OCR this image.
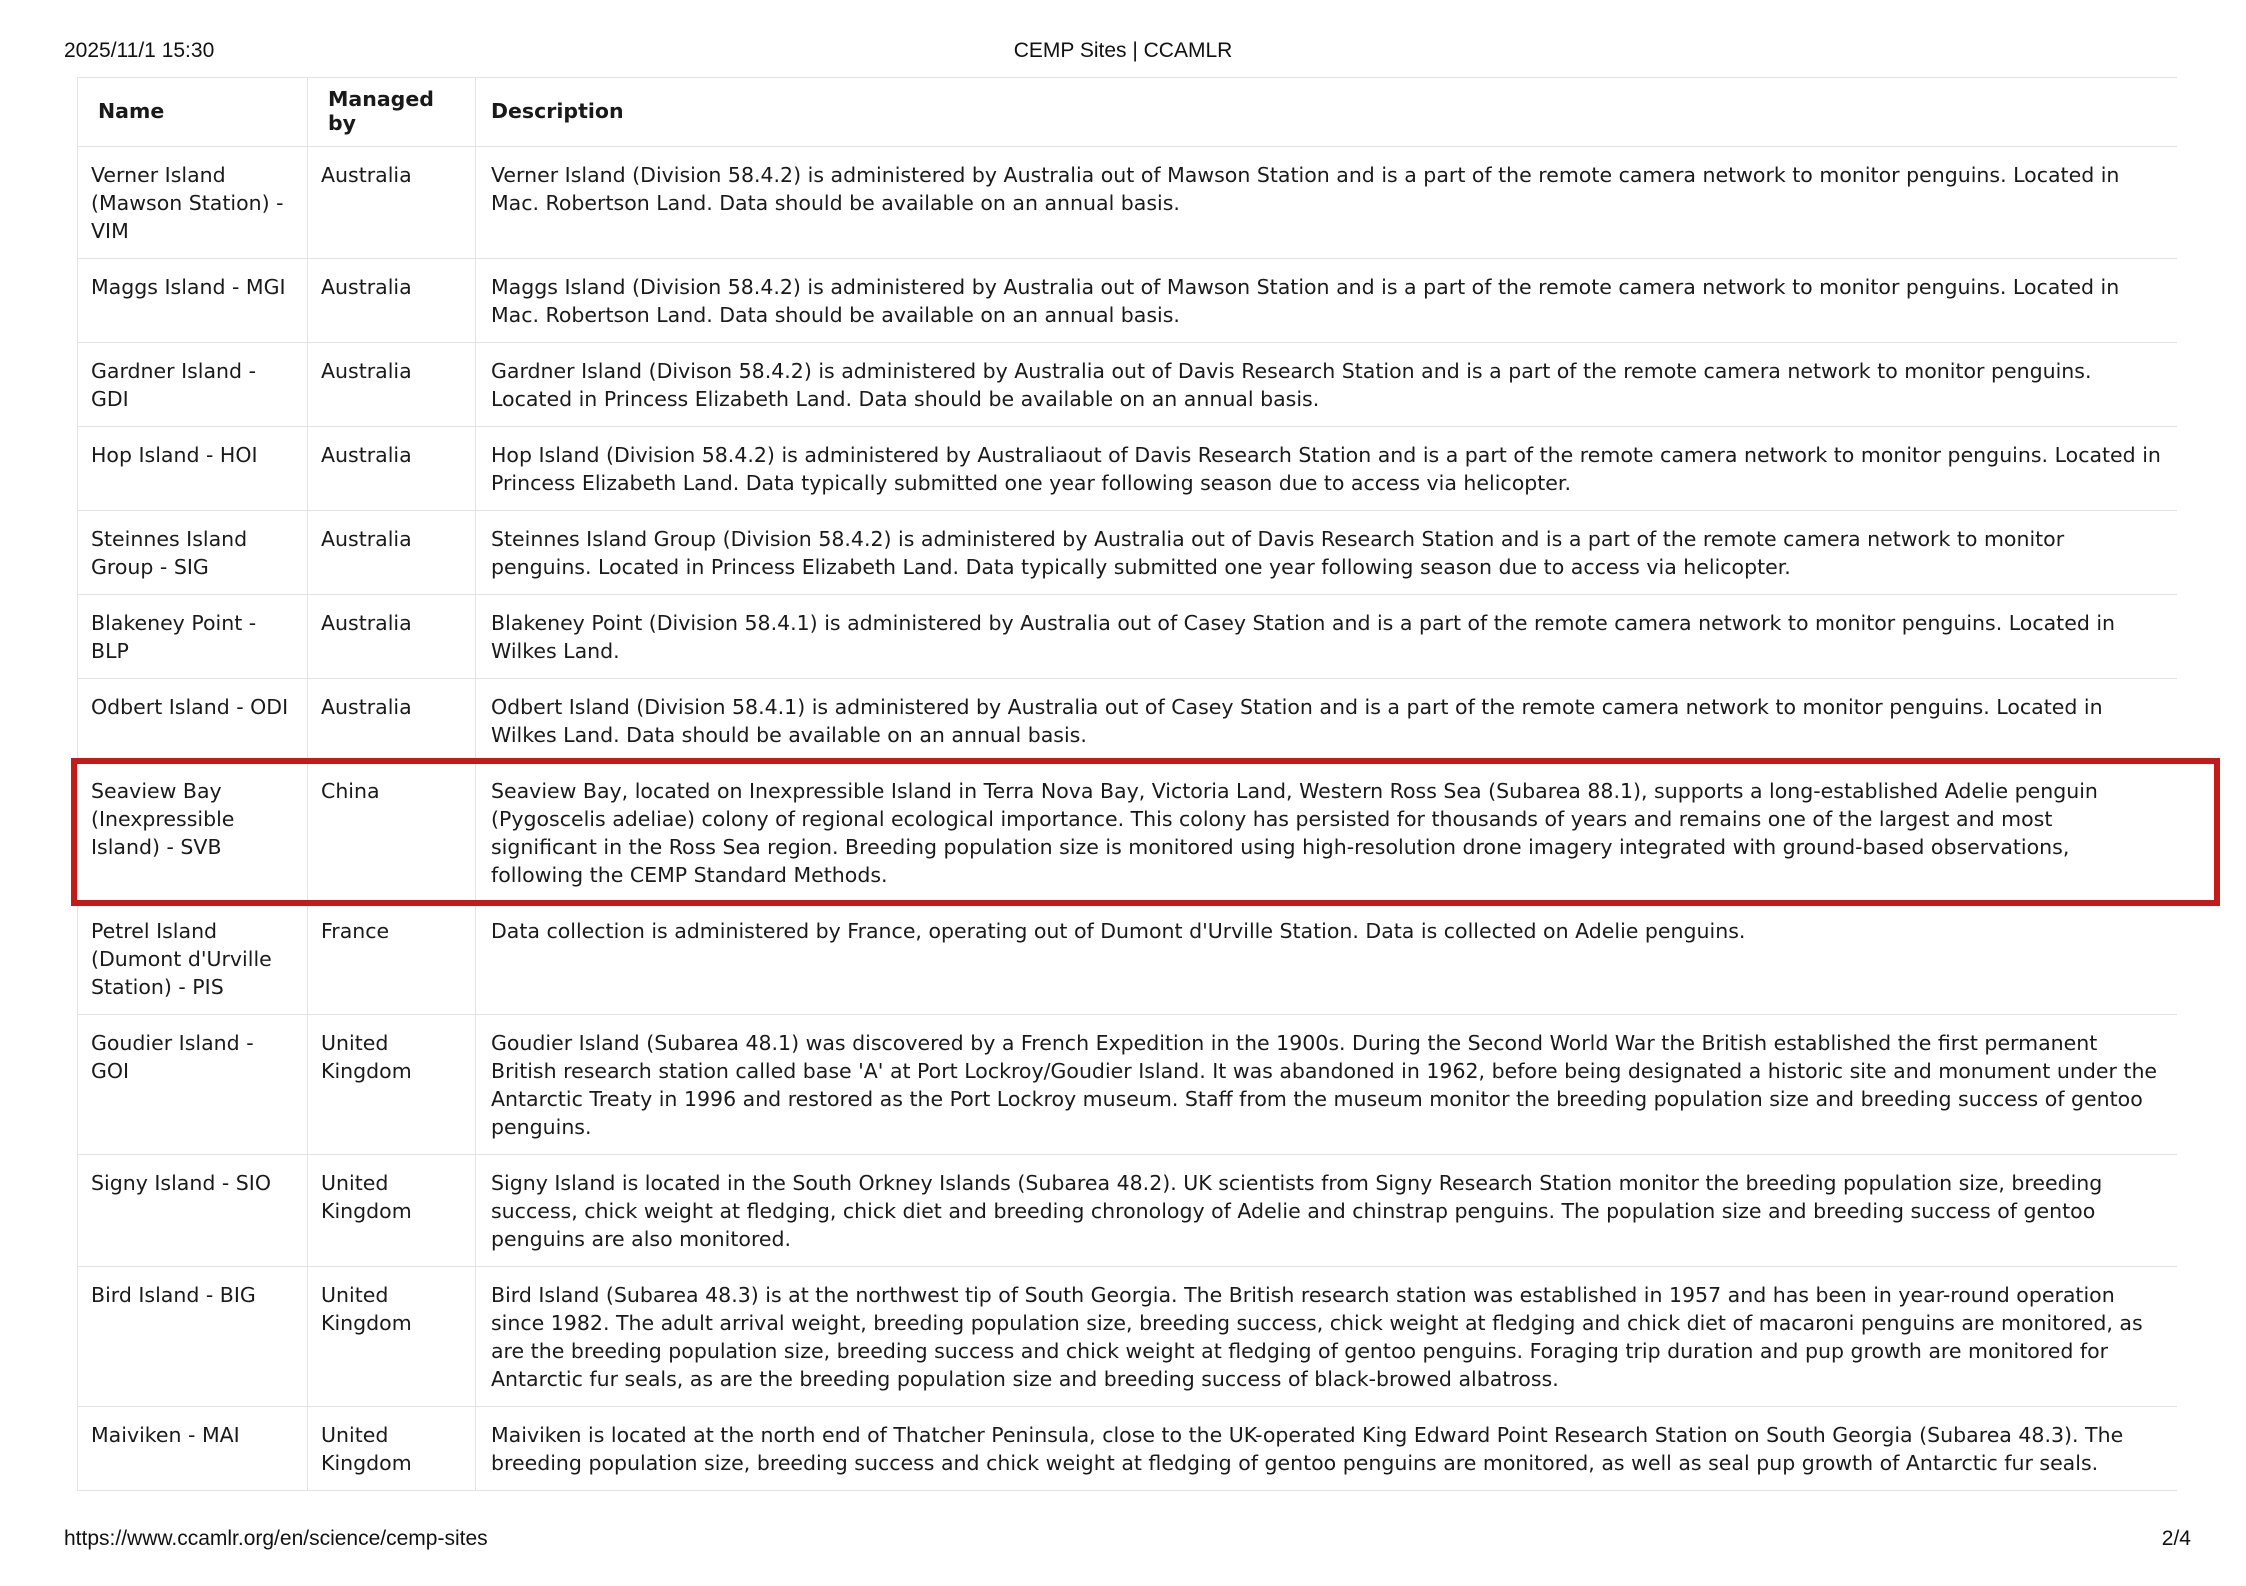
2025/11/1 15:30	CEMP Sites | CCAMLR
Name	Managed by	Description
Verner Island (Mawson Station) - VIM	Australia	Verner Island (Division 58.4.2) is administered by Australia out of Mawson Station and is a part of the remote camera network to monitor penguins. Located in Mac. Robertson Land. Data should be available on an annual basis.
Maggs Island - MGI	Australia	Maggs Island (Division 58.4.2) is administered by Australia out of Mawson Station and is a part of the remote camera network to monitor penguins. Located in Mac. Robertson Land. Data should be available on an annual basis.
Gardner Island - GDI	Australia	Gardner Island (Divison 58.4.2) is administered by Australia out of Davis Research Station and is a part of the remote camera network to monitor penguins. Located in Princess Elizabeth Land. Data should be available on an annual basis.
Hop Island - HOI	Australia	Hop Island (Division 58.4.2) is administered by Australiaout of Davis Research Station and is a part of the remote camera network to monitor penguins. Located in Princess Elizabeth Land. Data typically submitted one year following season due to access via helicopter.
Steinnes Island Group - SIG	Australia	Steinnes Island Group (Division 58.4.2) is administered by Australia out of Davis Research Station and is a part of the remote camera network to monitor penguins. Located in Princess Elizabeth Land. Data typically submitted one year following season due to access via helicopter.
Blakeney Point - BLP	Australia	Blakeney Point (Division 58.4.1) is administered by Australia out of Casey Station and is a part of the remote camera network to monitor penguins. Located in Wilkes Land.
Odbert Island - ODI	Australia	Odbert Island (Division 58.4.1) is administered by Australia out of Casey Station and is a part of the remote camera network to monitor penguins. Located in Wilkes Land. Data should be available on an annual basis.
Seaview Bay (Inexpressible Island) - SVB	China	Seaview Bay, located on Inexpressible Island in Terra Nova Bay, Victoria Land, Western Ross Sea (Subarea 88.1), supports a long-established Adelie penguin (Pygoscelis adeliae) colony of regional ecological importance. This colony has persisted for thousands of years and remains one of the largest and most significant in the Ross Sea region. Breeding population size is monitored using high-resolution drone imagery integrated with ground-based observations, following the CEMP Standard Methods.
Petrel Island (Dumont d'Urville Station) - PIS	France	Data collection is administered by France, operating out of Dumont d'Urville Station. Data is collected on Adelie penguins.
Goudier Island - GOI	United Kingdom	Goudier Island (Subarea 48.1) was discovered by a French Expedition in the 1900s. During the Second World War the British established the first permanent British research station called base 'A' at Port Lockroy/Goudier Island. It was abandoned in 1962, before being designated a historic site and monument under the Antarctic Treaty in 1996 and restored as the Port Lockroy museum. Staff from the museum monitor the breeding population size and breeding success of gentoo penguins.
Signy Island - SIO	United Kingdom	Signy Island is located in the South Orkney Islands (Subarea 48.2). UK scientists from Signy Research Station monitor the breeding population size, breeding success, chick weight at fledging, chick diet and breeding chronology of Adelie and chinstrap penguins. The population size and breeding success of gentoo penguins are also monitored.
Bird Island - BIG	United Kingdom	Bird Island (Subarea 48.3) is at the northwest tip of South Georgia. The British research station was established in 1957 and has been in year-round operation since 1982. The adult arrival weight, breeding population size, breeding success, chick weight at fledging and chick diet of macaroni penguins are monitored, as are the breeding population size, breeding success and chick weight at fledging of gentoo penguins. Foraging trip duration and pup growth are monitored for Antarctic fur seals, as are the breeding population size and breeding success of black-browed albatross.
Maiviken - MAI	United Kingdom	Maiviken is located at the north end of Thatcher Peninsula, close to the UK-operated King Edward Point Research Station on South Georgia (Subarea 48.3). The breeding population size, breeding success and chick weight at fledging of gentoo penguins are monitored, as well as seal pup growth of Antarctic fur seals.
https://www.ccamlr.org/en/science/cemp-sites	2/4
